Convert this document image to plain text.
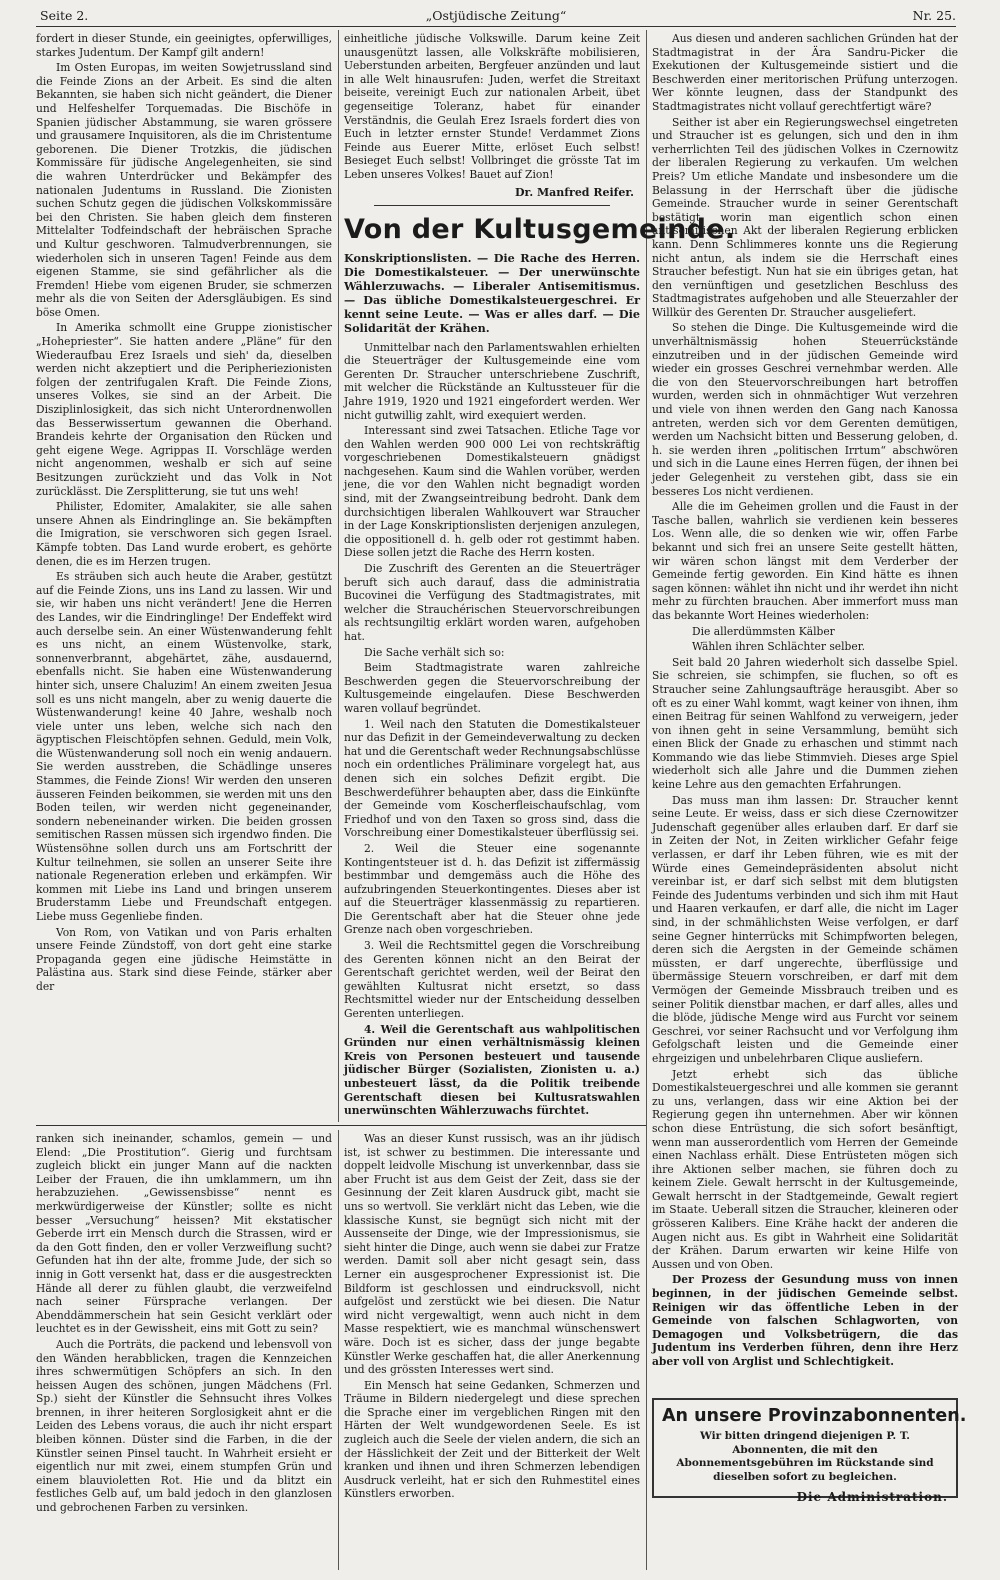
Seite 2.	„Ostjüdische Zeitung“	Nr. 25.

fordert in dieser Stunde, ein geeinigtes, opferwilliges, starkes Judentum. Der Kampf gilt andern!

Im Osten Europas, im weiten Sowjetrussland sind die Feinde Zions an der Arbeit. Es sind die alten Bekannten, sie haben sich nicht geändert, die Diener und Helfeshelfer Torquemadas. Die Bischöfe in Spanien jüdischer Abstammung, sie waren grössere und grausamere Inquisitoren, als die im Christentume geborenen. Die Diener Trotzkis, die jüdischen Kommissäre für jüdische Angelegenheiten, sie sind die wahren Unterdrücker und Bekämpfer des nationalen Judentums in Russland. Die Zionisten suchen Schutz gegen die jüdischen Volkskommissäre bei den Christen. Sie haben gleich dem finsteren Mittelalter Todfeindschaft der hebräischen Sprache und Kultur geschworen. Talmudverbrennungen, sie wiederholen sich in unseren Tagen! Feinde aus dem eigenen Stamme, sie sind gefährlicher als die Fremden! Hiebe vom eigenen Bruder, sie schmerzen mehr als die von Seiten der Adersgläubigen. Es sind böse Omen.

In Amerika schmollt eine Gruppe zionistischer „Hohepriester“. Sie hatten andere „Pläne“ für den Wiederaufbau Erez Israels und sieh' da, dieselben werden nicht akzeptiert und die Peripheriezionisten folgen der zentrifugalen Kraft. Die Feinde Zions, unseres Volkes, sie sind an der Arbeit. Die Disziplinlosigkeit, das sich nicht Unterordnenwollen das Besserwissertum gewannen die Oberhand. Brandeis kehrte der Organisation den Rücken und geht eigene Wege. Agrippas II. Vorschläge werden nicht angenommen, weshalb er sich auf seine Besitzungen zurückzieht und das Volk in Not zurücklässt. Die Zersplitterung, sie tut uns weh!

Philister, Edomiter, Amalakiter, sie alle sahen unsere Ahnen als Eindringlinge an. Sie bekämpften die Imigration, sie verschworen sich gegen Israel. Kämpfe tobten. Das Land wurde erobert, es gehörte denen, die es im Herzen trugen.

Es sträuben sich auch heute die Araber, gestützt auf die Feinde Zions, uns ins Land zu lassen. Wir und sie, wir haben uns nicht verändert! Jene die Herren des Landes, wir die Eindringlinge! Der Endeffekt wird auch derselbe sein. An einer Wüstenwanderung fehlt es uns nicht, an einem Wüstenvolke, stark, sonnenverbrannt, abgehärtet, zähe, ausdauernd, ebenfalls nicht. Sie haben eine Wüstenwanderung hinter sich, unsere Chaluzim! An einem zweiten Jesua soll es uns nicht mangeln, aber zu wenig dauerte die Wüstenwanderung! keine 40 Jahre, weshalb noch viele unter uns leben, welche sich nach den ägyptischen Fleischtöpfen sehnen. Geduld, mein Volk, die Wüstenwanderung soll noch ein wenig andauern. Sie werden ausstreben, die Schädlinge unseres Stammes, die Feinde Zions! Wir werden den unseren äusseren Feinden beikommen, sie werden mit uns den Boden teilen, wir werden nicht gegeneinander, sondern nebeneinander wirken. Die beiden grossen semitischen Rassen müssen sich irgendwo finden. Die Wüstensöhne sollen durch uns am Fortschritt der Kultur teilnehmen, sie sollen an unserer Seite ihre nationale Regeneration erleben und erkämpfen. Wir kommen mit Liebe ins Land und bringen unserem Bruderstamm Liebe und Freundschaft entgegen. Liebe muss Gegenliebe finden.

Von Rom, von Vatikan und von Paris erhalten unsere Feinde Zündstoff, von dort geht eine starke Propaganda gegen eine jüdische Heimstätte in Palästina aus. Stark sind diese Feinde, stärker aber der

einheitliche jüdische Volkswille. Darum keine Zeit unausgenützt lassen, alle Volkskräfte mobilisieren, Ueberstunden arbeiten, Bergfeuer anzünden und laut in alle Welt hinausrufen: Juden, werfet die Streitaxt beiseite, vereinigt Euch zur nationalen Arbeit, übet gegenseitige Toleranz, habet für einander Verständnis, die Geulah Erez Israels fordert dies von Euch in letzter ernster Stunde! Verdammet Zions Feinde aus Euerer Mitte, erlöset Euch selbst! Besieget Euch selbst! Vollbringet die grösste Tat im Leben unseres Volkes! Bauet auf Zion!

Dr. Manfred Reifer.
Von der Kultusgemeinde.
Konskriptionslisten. — Die Rache des Herren. Die Domestikalsteuer. — Der unerwünschte Wählerzuwachs. — Liberaler Antisemitismus. — Das übliche Domestikalsteuergeschrei. Er kennt seine Leute. — Was er alles darf. — Die Solidarität der Krähen.

Unmittelbar nach den Parlamentswahlen erhielten die Steuerträger der Kultusgemeinde eine vom Gerenten Dr. Straucher unterschriebene Zuschrift, mit welcher die Rückstände an Kultussteuer für die Jahre 1919, 1920 und 1921 eingefordert werden. Wer nicht gutwillig zahlt, wird exequiert werden.

Interessant sind zwei Tatsachen. Etliche Tage vor den Wahlen werden 900 000 Lei von rechtskräftig vorgeschriebenen Domestikalsteuern gnädigst nachgesehen. Kaum sind die Wahlen vorüber, werden jene, die vor den Wahlen nicht begnadigt worden sind, mit der Zwangseintreibung bedroht. Dank dem durchsichtigen liberalen Wahlkouvert war Straucher in der Lage Konskriptionslisten derjenigen anzulegen, die oppositionell d. h. gelb oder rot gestimmt haben. Diese sollen jetzt die Rache des Herrn kosten.

Die Zuschrift des Gerenten an die Steuerträger beruft sich auch darauf, dass die administratia Bucovinei die Verfügung des Stadtmagistrates, mit welcher die Strauchérischen Steuervorschreibungen als rechtsungiltig erklärt worden waren, aufgehoben hat.

Die Sache verhält sich so:

Beim Stadtmagistrate waren zahlreiche Beschwerden gegen die Steuervorschreibung der Kultusgemeinde eingelaufen. Diese Beschwerden waren vollauf begründet.

1. Weil nach den Statuten die Domestikalsteuer nur das Defizit in der Gemeindeverwaltung zu decken hat und die Gerentschaft weder Rechnungsabschlüsse noch ein ordentliches Präliminare vorgelegt hat, aus denen sich ein solches Defizit ergibt. Die Beschwerdeführer behaupten aber, dass die Einkünfte der Gemeinde vom Koscherfleischaufschlag, vom Friedhof und von den Taxen so gross sind, dass die Vorschreibung einer Domestikalsteuer überflüssig sei.

2. Weil die Steuer eine sogenannte Kontingentsteuer ist d. h. das Defizit ist ziffermässig bestimmbar und demgemäss auch die Höhe des aufzubringenden Steuerkontingentes. Dieses aber ist auf die Steuerträger klassenmässig zu repartieren. Die Gerentschaft aber hat die Steuer ohne jede Grenze nach oben vorgeschrieben.

3. Weil die Rechtsmittel gegen die Vorschreibung des Gerenten können nicht an den Beirat der Gerentschaft gerichtet werden, weil der Beirat den gewählten Kultusrat nicht ersetzt, so dass Rechtsmittel wieder nur der Entscheidung desselben Gerenten unterliegen.

4. Weil die Gerentschaft aus wahlpolitischen Gründen nur einen verhältnismässig kleinen Kreis von Personen besteuert und tausende jüdischer Bürger (Sozialisten, Zionisten u. a.) unbesteuert lässt, da die Politik treibende Gerentschaft diesen bei Kultusratswahlen unerwünschten Wählerzuwachs fürchtet.

Aus diesen und anderen sachlichen Gründen hat der Stadtmagistrat in der Ära Sandru-Picker die Exekutionen der Kultusgemeinde sistiert und die Beschwerden einer meritorischen Prüfung unterzogen. Wer könnte leugnen, dass der Standpunkt des Stadtmagistrates nicht vollauf gerechtfertigt wäre?

Seither ist aber ein Regierungswechsel eingetreten und Straucher ist es gelungen, sich und den in ihm verherrlichten Teil des jüdischen Volkes in Czernowitz der liberalen Regierung zu verkaufen. Um welchen Preis? Um etliche Mandate und insbesondere um die Belassung in der Herrschaft über die jüdische Gemeinde. Straucher wurde in seiner Gerentschaft bestätigt, worin man eigentlich schon einen antisemitischen Akt der liberalen Regierung erblicken kann. Denn Schlimmeres konnte uns die Regierung nicht antun, als indem sie die Herrschaft eines Straucher befestigt. Nun hat sie ein übriges getan, hat den vernünftigen und gesetzlichen Beschluss des Stadtmagistrates aufgehoben und alle Steuerzahler der Willkür des Gerenten Dr. Straucher ausgeliefert.

So stehen die Dinge. Die Kultusgemeinde wird die unverhältnismässig hohen Steuerrückstände einzutreiben und in der jüdischen Gemeinde wird wieder ein grosses Geschrei vernehmbar werden. Alle die von den Steuervorschreibungen hart betroffen wurden, werden sich in ohnmächtiger Wut verzehren und viele von ihnen werden den Gang nach Kanossa antreten, werden sich vor dem Gerenten demütigen, werden um Nachsicht bitten und Besserung geloben, d. h. sie werden ihren „politischen Irrtum“ abschwören und sich in die Laune eines Herren fügen, der ihnen bei jeder Gelegenheit zu verstehen gibt, dass sie ein besseres Los nicht verdienen.

Alle die im Geheimen grollen und die Faust in der Tasche ballen, wahrlich sie verdienen kein besseres Los. Wenn alle, die so denken wie wir, offen Farbe bekannt und sich frei an unsere Seite gestellt hätten, wir wären schon längst mit dem Verderber der Gemeinde fertig geworden. Ein Kind hätte es ihnen sagen können: wählet ihn nicht und ihr werdet ihn nicht mehr zu fürchten brauchen. Aber immerfort muss man das bekannte Wort Heines wiederholen:

Die allerdümmsten Kälber

Wählen ihren Schlächter selber.

Seit bald 20 Jahren wiederholt sich dasselbe Spiel. Sie schreien, sie schimpfen, sie fluchen, so oft es Straucher seine Zahlungsaufträge herausgibt. Aber so oft es zu einer Wahl kommt, wagt keiner von ihnen, ihm einen Beitrag für seinen Wahlfond zu verweigern, jeder von ihnen geht in seine Versammlung, bemüht sich einen Blick der Gnade zu erhaschen und stimmt nach Kommando wie das liebe Stimmvieh. Dieses arge Spiel wiederholt sich alle Jahre und die Dummen ziehen keine Lehre aus den gemachten Erfahrungen.

Das muss man ihm lassen: Dr. Straucher kennt seine Leute. Er weiss, dass er sich diese Czernowitzer Judenschaft gegenüber alles erlauben darf. Er darf sie in Zeiten der Not, in Zeiten wirklicher Gefahr feige verlassen, er darf ihr Leben führen, wie es mit der Würde eines Gemeindepräsidenten absolut nicht vereinbar ist, er darf sich selbst mit dem blutigsten Feinde des Judentums verbinden und sich ihm mit Haut und Haaren verkaufen, er darf alle, die nicht im Lager sind, in der schmählichsten Weise verfolgen, er darf seine Gegner hinterrücks mit Schimpfworten belegen, deren sich die Aergsten in der Gemeinde schämen müssten, er darf ungerechte, überflüssige und übermässige Steuern vorschreiben, er darf mit dem Vermögen der Gemeinde Missbrauch treiben und es seiner Politik dienstbar machen, er darf alles, alles und die blöde, jüdische Menge wird aus Furcht vor seinem Geschrei, vor seiner Rachsucht und vor Verfolgung ihm Gefolgschaft leisten und die Gemeinde einer ehrgeizigen und unbelehrbaren Clique ausliefern.

Jetzt erhebt sich das übliche Domestikalsteuergeschrei und alle kommen sie gerannt zu uns, verlangen, dass wir eine Aktion bei der Regierung gegen ihn unternehmen. Aber wir können schon diese Entrüstung, die sich sofort besänftigt, wenn man ausserordentlich vom Herren der Gemeinde einen Nachlass erhält. Diese Entrüsteten mögen sich ihre Aktionen selber machen, sie führen doch zu keinem Ziele. Gewalt herrscht in der Kultusgemeinde, Gewalt herrscht in der Stadtgemeinde, Gewalt regiert im Staate. Ueberall sitzen die Straucher, kleineren oder grösseren Kalibers. Eine Krähe hackt der anderen die Augen nicht aus. Es gibt in Wahrheit eine Solidarität der Krähen. Darum erwarten wir keine Hilfe von Aussen und von Oben.

Der Prozess der Gesundung muss von innen beginnen, in der jüdischen Gemeinde selbst. Reinigen wir das öffentliche Leben in der Gemeinde von falschen Schlagworten, von Demagogen und Volksbetrügern, die das Judentum ins Verderben führen, denn ihre Herz aber voll von Arglist und Schlechtigkeit.

ranken sich ineinander, schamlos, gemein — und Elend: „Die Prostitution“. Gierig und furchtsam zugleich blickt ein junger Mann auf die nackten Leiber der Frauen, die ihn umklammern, um ihn herabzuziehen. „Gewissensbisse“ nennt es merkwürdigerweise der Künstler; sollte es nicht besser „Versuchung“ heissen? Mit ekstatischer Geberde irrt ein Mensch durch die Strassen, wird er da den Gott finden, den er voller Verzweiflung sucht? Gefunden hat ihn der alte, fromme Jude, der sich so innig in Gott versenkt hat, dass er die ausgestreckten Hände all derer zu fühlen glaubt, die verzweifelnd nach seiner Fürsprache verlangen. Der Abenddämmerschein hat sein Gesicht verklärt oder leuchtet es in der Gewissheit, eins mit Gott zu sein?

Auch die Porträts, die packend und lebensvoll von den Wänden herabblicken, tragen die Kennzeichen ihres schwermütigen Schöpfers an sich. In den heissen Augen des schönen, jungen Mädchens (Frl. Sp.) sieht der Künstler die Sehnsucht ihres Volkes brennen, in ihrer heiteren Sorglosigkeit ahnt er die Leiden des Lebens voraus, die auch ihr nicht erspart bleiben können. Düster sind die Farben, in die der Künstler seinen Pinsel taucht. In Wahrheit ersieht er eigentlich nur mit zwei, einem stumpfen Grün und einem blauvioletten Rot. Hie und da blitzt ein festliches Gelb auf, um bald jedoch in den glanzlosen und gebrochenen Farben zu versinken.

Was an dieser Kunst russisch, was an ihr jüdisch ist, ist schwer zu bestimmen. Die interessante und doppelt leidvolle Mischung ist unverkennbar, dass sie aber Frucht ist aus dem Geist der Zeit, dass sie der Gesinnung der Zeit klaren Ausdruck gibt, macht sie uns so wertvoll. Sie verklärt nicht das Leben, wie die klassische Kunst, sie begnügt sich nicht mit der Aussenseite der Dinge, wie der Impressionismus, sie sieht hinter die Dinge, auch wenn sie dabei zur Fratze werden. Damit soll aber nicht gesagt sein, dass Lerner ein ausgesprochener Expressionist ist. Die Bildform ist geschlossen und eindrucksvoll, nicht aufgelöst und zerstückt wie bei diesen. Die Natur wird nicht vergewaltigt, wenn auch nicht in dem Masse respektiert, wie es manchmal wünschenswert wäre. Doch ist es sicher, dass der junge begabte Künstler Werke geschaffen hat, die aller Anerkennung und des grössten Interesses wert sind.

Ein Mensch hat seine Gedanken, Schmerzen und Träume in Bildern niedergelegt und diese sprechen die Sprache einer im vergeblichen Ringen mit den Härten der Welt wundgewordenen Seele. Es ist zugleich auch die Seele der vielen andern, die sich an der Hässlichkeit der Zeit und der Bitterkeit der Welt kranken und ihnen und ihren Schmerzen lebendigen Ausdruck verleiht, hat er sich den Ruhmestitel eines Künstlers erworben.

An unsere Provinzabonnenten.
Wir bitten dringend diejenigen P. T. Abonnenten, die mit den Abonnementsgebühren im Rückstande sind dieselben sofort zu begleichen.
Die Administration.
